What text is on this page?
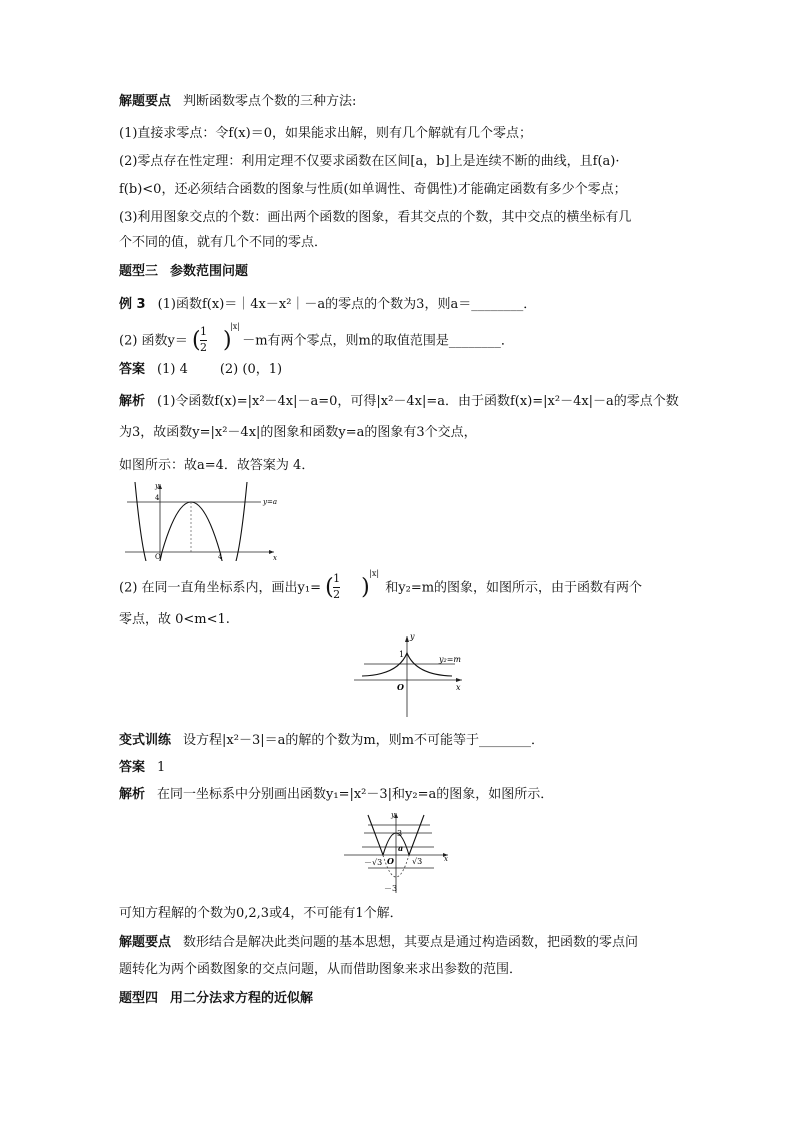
解题要点 判断函数零点个数的三种方法:
(1)直接求零点：令f(x)＝0，如果能求出解，则有几个解就有几个零点；
(2)零点存在性定理：利用定理不仅要求函数在区间[a，b]上是连续不断的曲线，且f(a)·
f(b)<0，还必须结合函数的图象与性质(如单调性、奇偶性)才能确定函数有多少个零点；
(3)利用图象交点的个数：画出两个函数的图象，看其交点的个数，其中交点的横坐标有几
个不同的值，就有几个不同的零点．
题型三 参数范围问题
例 3 (1)函数f(x)＝｜4x－x²｜－a的零点的个数为3，则a＝________．
(2) 函数y＝ ( 1
2 )
|x|
－m有两个零点，则m的取值范围是________．
答案 (1) 4 (2) (0，1)
解析 (1)令函数f(x)=|x²－4x|－a=0，可得|x²－4x|=a．由于函数f(x)=|x²－4x|－a的零点个数
为3，故函数y=|x²－4x|的图象和函数y=a的图象有3个交点，
如图所示：故a=4．故答案为 4．
y
x
O
4
4
y=a
(2) 在同一直角坐标系内，画出y₁= ( 1
2 )
|x|
和y₂=m的图象，如图所示，由于函数有两个
零点，故 0<m<1.
y
x
O
1
y₂=m
变式训练 设方程|x²－3|＝a的解的个数为m，则m不可能等于________．
答案 1
解析 在同一坐标系中分别画出函数y₁=|x²－3|和y₂=a的图象，如图所示．
y
x
O
3
－3
－√3	√3
a
可知方程解的个数为0,2,3或4，不可能有1个解．
解题要点 数形结合是解决此类问题的基本思想，其要点是通过构造函数，把函数的零点问
题转化为两个函数图象的交点问题，从而借助图象来求出参数的范围．
题型四 用二分法求方程的近似解
